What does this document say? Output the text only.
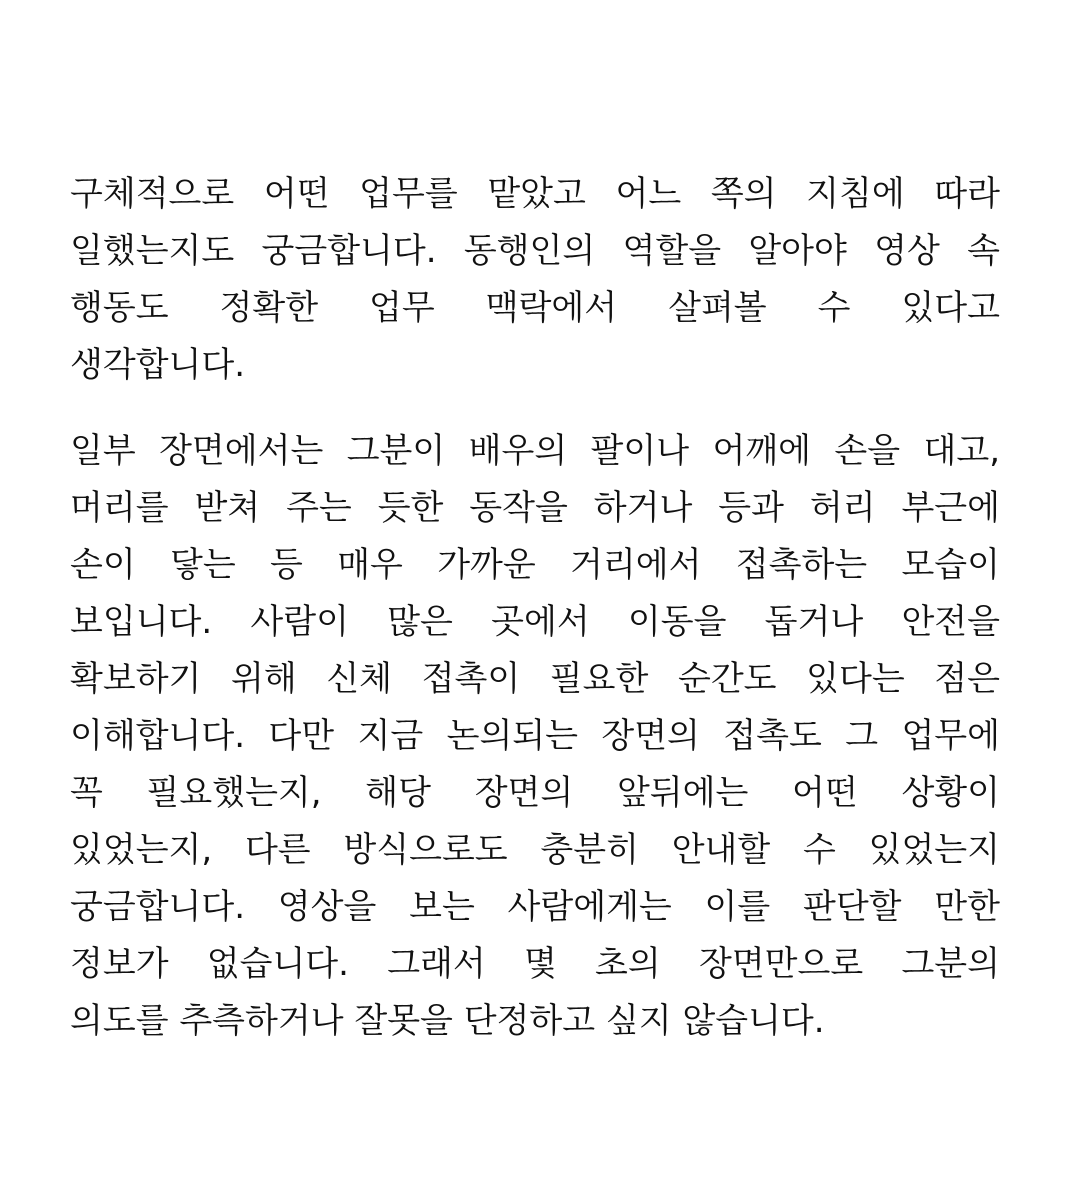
구체적으로 어떤 업무를 맡았고 어느 쪽의 지침에 따라
일했는지도 궁금합니다. 동행인의 역할을 알아야 영상 속
행동도 정확한 업무 맥락에서 살펴볼 수 있다고
생각합니다.
일부 장면에서는 그분이 배우의 팔이나 어깨에 손을 대고,
머리를 받쳐 주는 듯한 동작을 하거나 등과 허리 부근에
손이 닿는 등 매우 가까운 거리에서 접촉하는 모습이
보입니다. 사람이 많은 곳에서 이동을 돕거나 안전을
확보하기 위해 신체 접촉이 필요한 순간도 있다는 점은
이해합니다. 다만 지금 논의되는 장면의 접촉도 그 업무에
꼭 필요했는지, 해당 장면의 앞뒤에는 어떤 상황이
있었는지, 다른 방식으로도 충분히 안내할 수 있었는지
궁금합니다. 영상을 보는 사람에게는 이를 판단할 만한
정보가 없습니다. 그래서 몇 초의 장면만으로 그분의
의도를 추측하거나 잘못을 단정하고 싶지 않습니다.
